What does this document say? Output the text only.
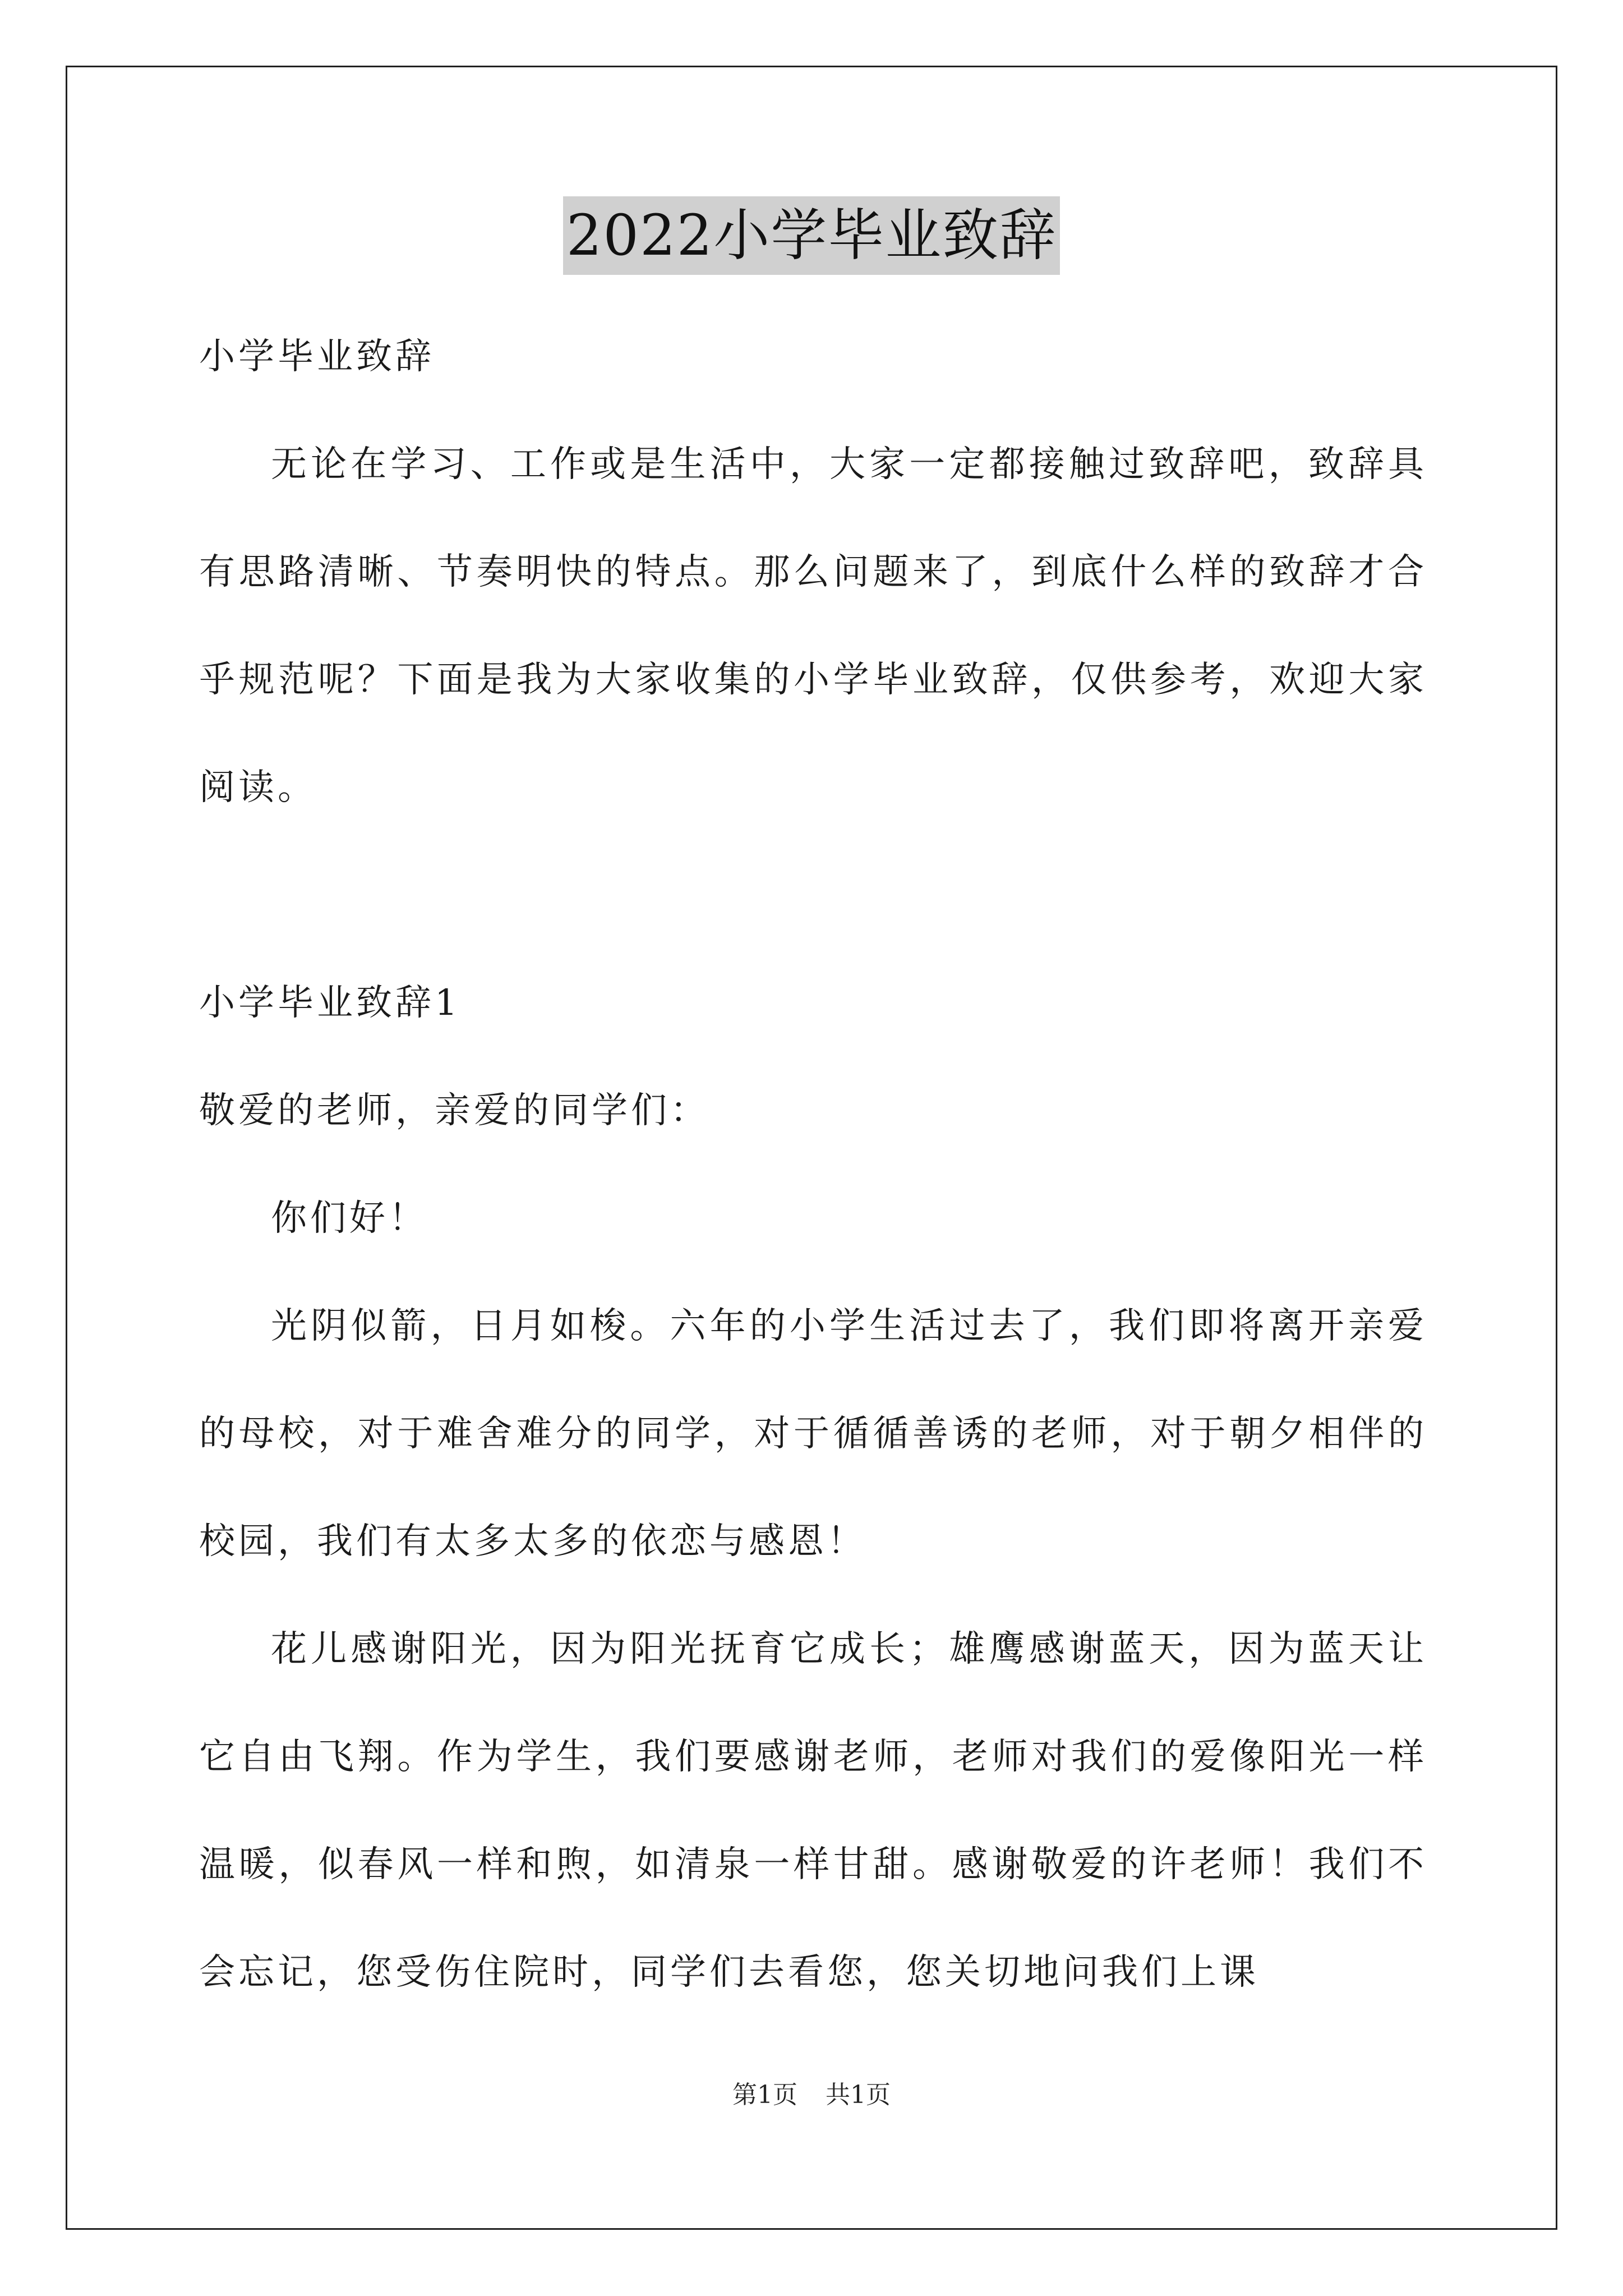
2022小学毕业致辞

小学毕业致辞

无论在学习、工作或是生活中，大家一定都接触过致辞吧，致辞具有思路清晰、节奏明快的特点。那么问题来了，到底什么样的致辞才合乎规范呢？下面是我为大家收集的小学毕业致辞，仅供参考，欢迎大家阅读。

小学毕业致辞1

敬爱的老师，亲爱的同学们：

你们好！

光阴似箭，日月如梭。六年的小学生活过去了，我们即将离开亲爱的母校，对于难舍难分的同学，对于循循善诱的老师，对于朝夕相伴的校园，我们有太多太多的依恋与感恩！

花儿感谢阳光，因为阳光抚育它成长；雄鹰感谢蓝天，因为蓝天让它自由飞翔。作为学生，我们要感谢老师，老师对我们的爱像阳光一样温暖，似春风一样和煦，如清泉一样甘甜。感谢敬爱的许老师！我们不会忘记，您受伤住院时，同学们去看您，您关切地问我们上课

第1页 共1页
